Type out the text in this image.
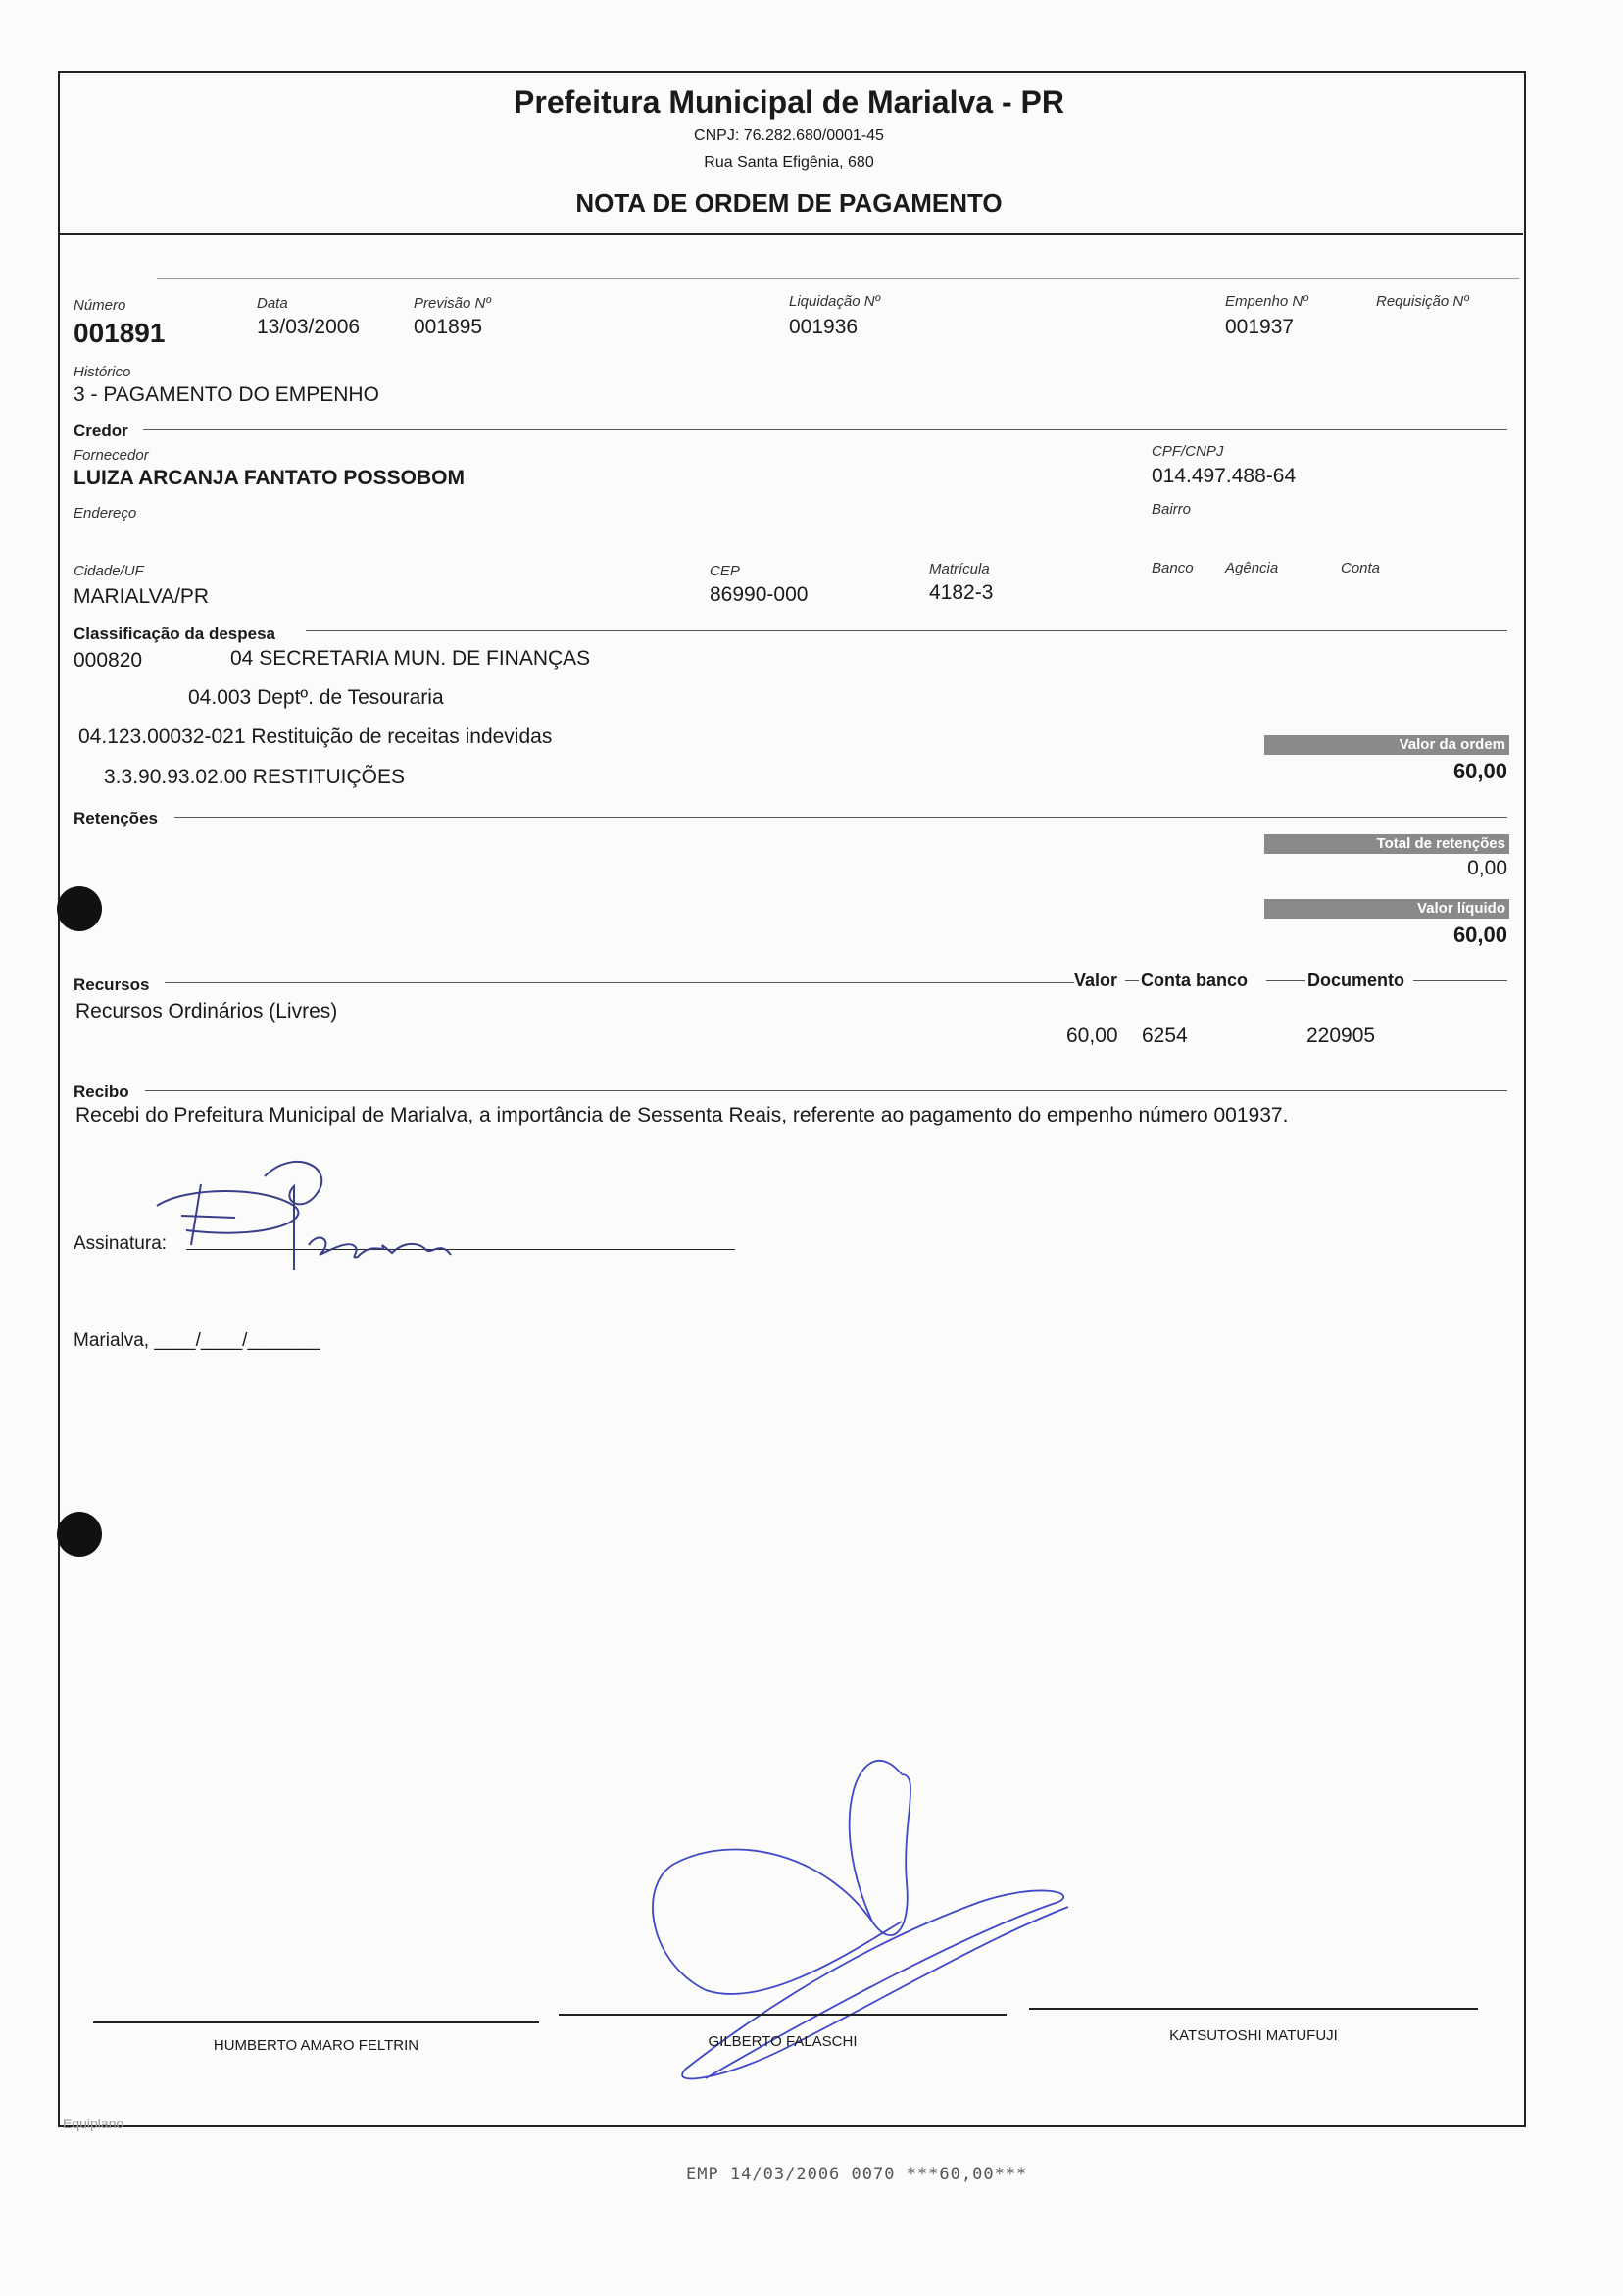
Prefeitura Municipal de Marialva - PR
CNPJ: 76.282.680/0001-45
Rua Santa Efigênia, 680
NOTA DE ORDEM DE PAGAMENTO
Número
001891
Data
13/03/2006
Previsão Nº
001895
Liquidação Nº
001936
Empenho Nº
001937
Requisição Nº
Histórico
3 - PAGAMENTO DO EMPENHO
Credor
Fornecedor
LUIZA ARCANJA FANTATO POSSOBOM
CPF/CNPJ
014.497.488-64
Endereço	Bairro
Cidade/UF
MARIALVA/PR
CEP
86990-000
Matrícula
4182-3
Banco Agência	Conta
Classificação da despesa
000820	04 SECRETARIA MUN. DE FINANÇAS
04.003 Deptº. de Tesouraria
04.123.00032-021 Restituição de receitas indevidas
3.3.90.93.02.00 RESTITUIÇÕES
Valor da ordem
60,00
Retenções
Total de retenções
0,00
Valor líquido
60,00
Recursos	Valor Conta banco	Documento
Recursos Ordinários (Livres)
60,00 6254	220905
Recibo
Recebi do Prefeitura Municipal de Marialva, a importância de Sessenta Reais, referente ao pagamento do empenho número 001937.
Assinatura:
Marialva, ____/____/_______
HUMBERTO AMARO FELTRIN	GILBERTO FALASCHI	KATSUTOSHI MATUFUJI
Equiplano
EMP 14/03/2006 0070 ***60,00***
